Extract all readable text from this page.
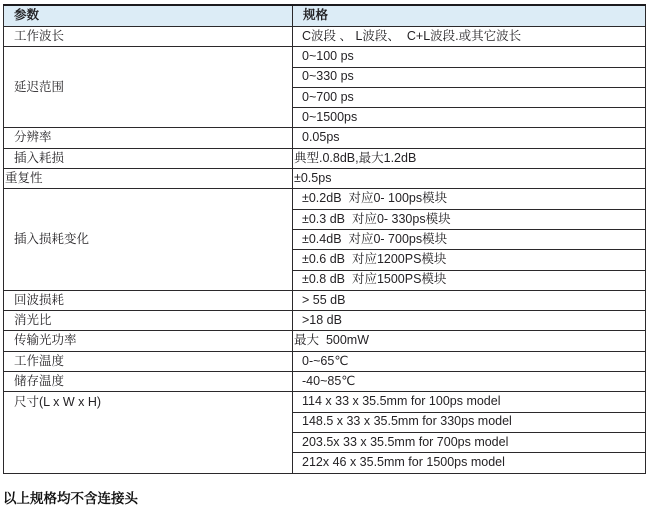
参数	规格
工作波长	C波段 、 L波段、  C+L波段.或其它波长
延迟范围	0~100 ps
	0~330 ps
	0~700 ps
	0~1500ps
分辨率	0.05ps
插入耗损	典型.0.8dB,最大1.2dB
重复性	±0.5ps
插入损耗变化	±0.2dB  对应0- 100ps模块
	±0.3 dB  对应0- 330ps模块
	±0.4dB  对应0- 700ps模块
	±0.6 dB  对应1200PS模块
	±0.8 dB  对应1500PS模块
回波损耗	> 55 dB
消光比	>18 dB
传输光功率	最大  500mW
工作温度	0-~65℃
储存温度	-40~85℃
尺寸(L x W x H)	114 x 33 x 35.5mm for 100ps model
	148.5 x 33 x 35.5mm for 330ps model
	203.5x 33 x 35.5mm for 700ps model
	212x 46 x 35.5mm for 1500ps model
以上规格均不含连接头
